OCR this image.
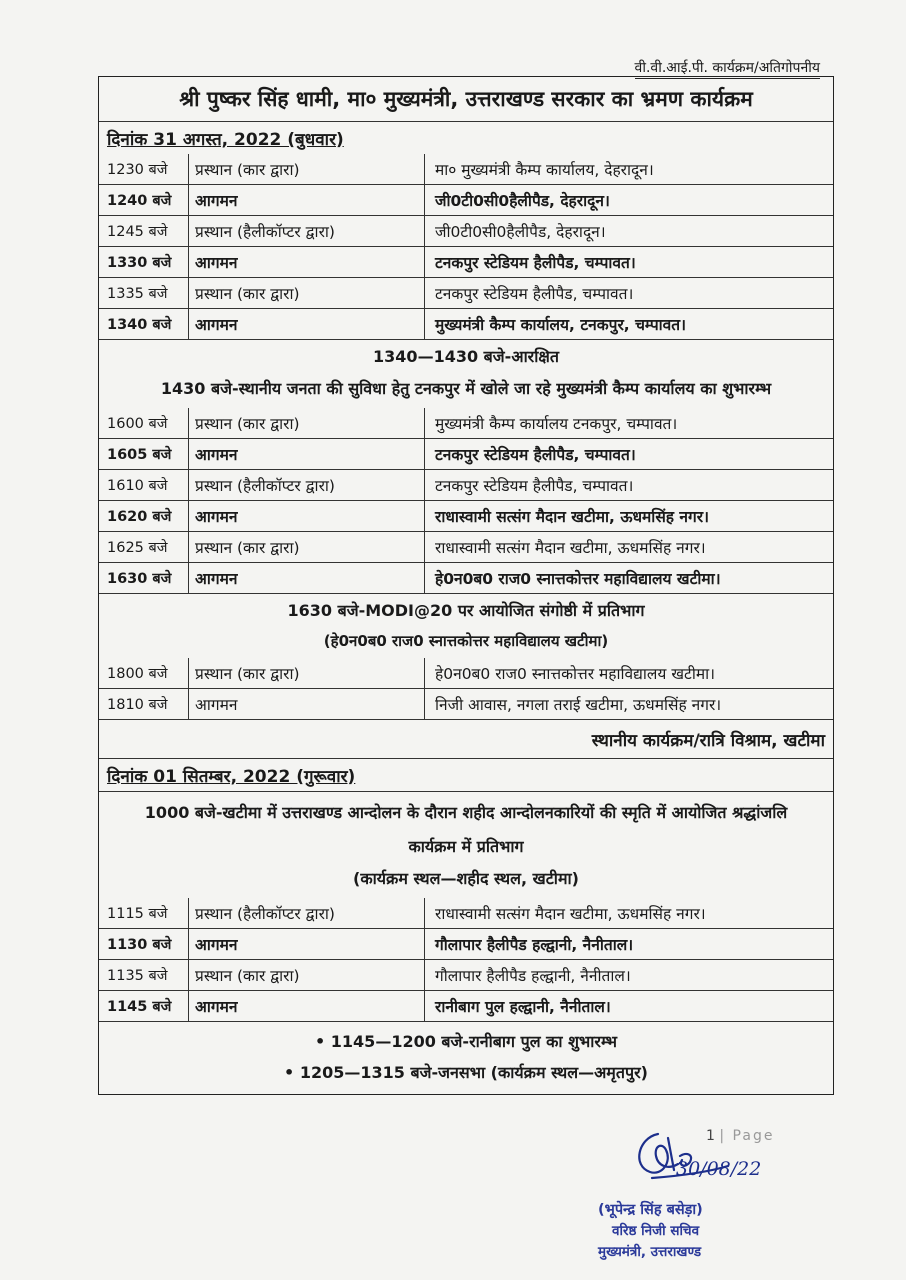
वी.वी.आई.पी. कार्यक्रम/अतिगोपनीय
श्री पुष्कर सिंह धामी, मा० मुख्यमंत्री, उत्तराखण्ड सरकार का भ्रमण कार्यक्रम
दिनांक 31 अगस्त, 2022 (बुधवार)
1230 बजे	प्रस्थान (कार द्वारा)	मा० मुख्यमंत्री कैम्प कार्यालय, देहरादून।
1240 बजे	आगमन	जी0टी0सी0हैलीपैड, देहरादून।
1245 बजे	प्रस्थान (हैलीकॉप्टर द्वारा)	जी0टी0सी0हैलीपैड, देहरादून।
1330 बजे	आगमन	टनकपुर स्टेडियम हैलीपैड, चम्पावत।
1335 बजे	प्रस्थान (कार द्वारा)	टनकपुर स्टेडियम हैलीपैड, चम्पावत।
1340 बजे	आगमन	मुख्यमंत्री कैम्प कार्यालय, टनकपुर, चम्पावत।
1340—1430 बजे-आरक्षित
1430 बजे-स्थानीय जनता की सुविधा हेतु टनकपुर में खोले जा रहे मुख्यमंत्री कैम्प कार्यालय का शुभारम्भ
1600 बजे	प्रस्थान (कार द्वारा)	मुख्यमंत्री कैम्प कार्यालय टनकपुर, चम्पावत।
1605 बजे	आगमन	टनकपुर स्टेडियम हैलीपैड, चम्पावत।
1610 बजे	प्रस्थान (हैलीकॉप्टर द्वारा)	टनकपुर स्टेडियम हैलीपैड, चम्पावत।
1620 बजे	आगमन	राधास्वामी सत्संग मैदान खटीमा, ऊधमसिंह नगर।
1625 बजे	प्रस्थान (कार द्वारा)	राधास्वामी सत्संग मैदान खटीमा, ऊधमसिंह नगर।
1630 बजे	आगमन	हे0न0ब0 राज0 स्नात्तकोत्तर महाविद्यालय खटीमा।
1630 बजे-MODI@20 पर आयोजित संगोष्ठी में प्रतिभाग
(हे0न0ब0 राज0 स्नात्तकोत्तर महाविद्यालय खटीमा)
1800 बजे	प्रस्थान (कार द्वारा)	हे0न0ब0 राज0 स्नात्तकोत्तर महाविद्यालय खटीमा।
1810 बजे	आगमन	निजी आवास, नगला तराई खटीमा, ऊधमसिंह नगर।
स्थानीय कार्यक्रम/रात्रि विश्राम, खटीमा
दिनांक 01 सितम्बर, 2022 (गुरूवार)
1000 बजे-खटीमा में उत्तराखण्ड आन्दोलन के दौरान शहीद आन्दोलनकारियों की स्मृति में आयोजित श्रद्धांजलि कार्यक्रम में प्रतिभाग
(कार्यक्रम स्थल—शहीद स्थल, खटीमा)
1115 बजे	प्रस्थान (हैलीकॉप्टर द्वारा)	राधास्वामी सत्संग मैदान खटीमा, ऊधमसिंह नगर।
1130 बजे	आगमन	गौलापार हैलीपैड हल्द्वानी, नैनीताल।
1135 बजे	प्रस्थान (कार द्वारा)	गौलापार हैलीपैड हल्द्वानी, नैनीताल।
1145 बजे	आगमन	रानीबाग पुल हल्द्वानी, नैनीताल।
• 1145—1200 बजे-रानीबाग पुल का शुभारम्भ
• 1205—1315 बजे-जनसभा (कार्यक्रम स्थल—अमृतपुर)
1 | Page
30/08/22
(भूपेन्द्र सिंह बसेड़ा)
वरिष्ठ निजी सचिव
मुख्यमंत्री, उत्तराखण्ड
